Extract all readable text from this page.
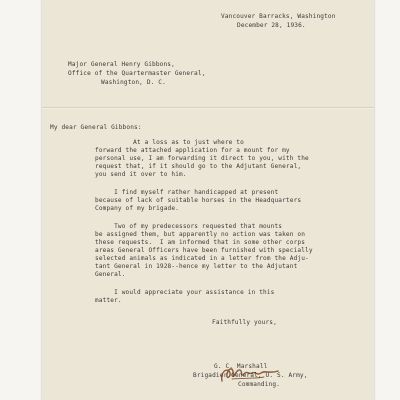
Vancouver Barracks, Washington
December 28, 1936.
Major General Henry Gibbons,
Office of the Quartermaster General,
Washington, D. C.
My dear General Gibbons:
At a loss as to just where to
forward the attached application for a mount for my
personal use, I am forwarding it direct to you, with the
request that, if it should go to the Adjutant General,
you send it over to him.
I find myself rather handicapped at present
because of lack of suitable horses in the Headquarters
Company of my brigade.
Two of my predecessors requested that mounts
be assigned them, but apparently no action was taken on
these requests.  I am informed that in some other corps
areas General Officers have been furnished with specially
selected animals as indicated in a letter from the Adju-
tant General in 1928--hence my letter to the Adjutant
General.
I would appreciate your assistance in this
matter.
Faithfully yours,
G. C. Marshall
Brigadier General, U. S. Army,
Commanding.
